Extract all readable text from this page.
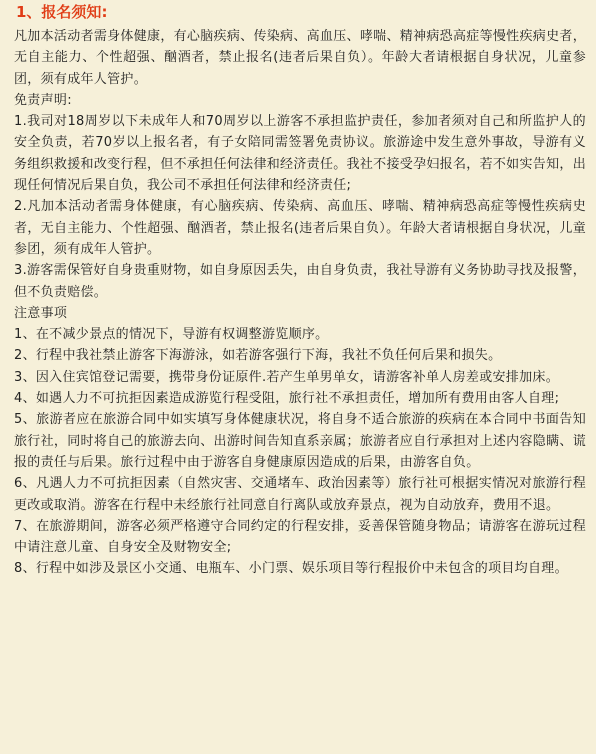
1、报名须知:

凡加本活动者需身体健康，有心脑疾病、传染病、高血压、哮喘、精神病恐高症等慢性疾病史者，无自主能力、个性超强、酗酒者，禁止报名(违者后果自负）。年龄大者请根据自身状况，儿童参团，须有成年人管护。

免责声明:

1.我司对18周岁以下未成年人和70周岁以上游客不承担监护责任，参加者须对自己和所监护人的安全负责，若70岁以上报名者，有子女陪同需签署免责协议。旅游途中发生意外事故，导游有义务组织救援和改变行程，但不承担任何法律和经济责任。我社不接受孕妇报名，若不如实告知，出现任何情况后果自负，我公司不承担任何法律和经济责任;

2.凡加本活动者需身体健康，有心脑疾病、传染病、高血压、哮喘、精神病恐高症等慢性疾病史者，无自主能力、个性超强、酗酒者，禁止报名(违者后果自负）。年龄大者请根据自身状况，儿童参团，须有成年人管护。

3.游客需保管好自身贵重财物，如自身原因丢失，由自身负责，我社导游有义务协助寻找及报警，但不负责赔偿。

注意事项

1、在不减少景点的情况下，导游有权调整游览顺序。

2、行程中我社禁止游客下海游泳，如若游客强行下海，我社不负任何后果和损失。

3、因入住宾馆登记需要，携带身份证原件.若产生单男单女，请游客补单人房差或安排加床。

4、如遇人力不可抗拒因素造成游览行程受阻，旅行社不承担责任，增加所有费用由客人自理;

5、旅游者应在旅游合同中如实填写身体健康状况，将自身不适合旅游的疾病在本合同中书面告知旅行社，同时将自己的旅游去向、出游时间告知直系亲属；旅游者应自行承担对上述内容隐瞒、谎报的责任与后果。旅行过程中由于游客自身健康原因造成的后果，由游客自负。

6、凡遇人力不可抗拒因素（自然灾害、交通堵车、政治因素等）旅行社可根据实情况对旅游行程更改或取消。游客在行程中未经旅行社同意自行离队或放弃景点，视为自动放弃，费用不退。

7、在旅游期间，游客必须严格遵守合同约定的行程安排，妥善保管随身物品；请游客在游玩过程中请注意儿童、自身安全及财物安全;

8、行程中如涉及景区小交通、电瓶车、小门票、娱乐项目等行程报价中未包含的项目均自理。
